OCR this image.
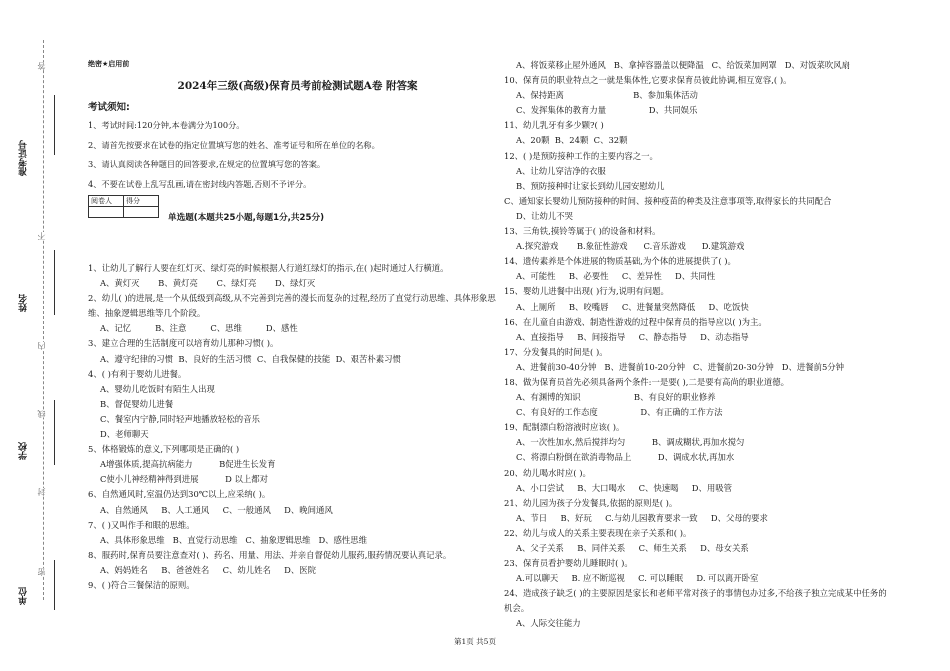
准考证号
姓名
学校
单位
答
不
内
线
封
密
绝密★启用前
2024年三级(高级)保育员考前检测试题A卷 附答案
考试须知:
1、考试时间:120分钟,本卷满分为100分。
2、请首先按要求在试卷的指定位置填写您的姓名、准考证号和所在单位的名称。
3、请认真阅读各种题目的回答要求,在规定的位置填写您的答案。
4、不要在试卷上乱写乱画,请在密封线内答题,否则不予评分。
阅卷人	得分

单选题(本题共25小题,每题1分,共25分)
1、让幼儿了解行人要在红灯灭、绿灯亮的时候根据人行道红绿灯的指示,在( )起时通过人行横道。
A、黄灯灭       B、黄灯亮       C、绿灯亮       D、绿灯灭
2、幼儿( )的进展,是一个从低级到高级,从不完善到完善的漫长而复杂的过程,经历了直觉行动思维、具体形象思维、抽象逻辑思维等几个阶段。
A、记忆         B、注意         C、思维         D、感性
3、建立合理的生活制度可以培育幼儿那种习惯( )。
A、遵守纪律的习惯  B、良好的生活习惯  C、自我保健的技能  D、艰苦朴素习惯
4、( )有利于婴幼儿进餐。
A、婴幼儿吃饭时有陌生人出现
B、督促婴幼儿进餐
C、餐室内宁静,同时轻声地播放轻松的音乐
D、老师聊天
5、体格锻炼的意义,下列哪项是正确的( )
A增强体质,提高抗病能力          B促进生长发育
C使小儿神经精神得到进展          D 以上都对
6、自然通风时,室温仍达到30℃以上,应采纳( )。
A、自然通风     B、人工通风     C、一般通风     D、晚间通风
7、( )又叫作手和眼的思维。
A、具体形象思维   B、直觉行动思维   C、抽象逻辑思维   D、感性思维
8、服药时,保育员要注意查对( )、药名、用量、用法、并亲自督促幼儿服药,服药情况要认真记录。
A、妈妈姓名     B、爸爸姓名     C、幼儿姓名     D、医院
9、( )符合三餐保洁的原则。
A、将饭菜移止屋外通风   B、拿掉容器盖以便降温   C、给饭菜加网罩   D、对饭菜吹风扇
10、保育员的职业特点之一就是集体性,它要求保育员彼此协调,相互宽容,( )。
A、保持距离                          B、参加集体活动
C、发挥集体的教育力量                D、共同娱乐
11、幼儿乳牙有多少颗?( )
A、20颗  B、24颗  C、32颗
12、( )是预防接种工作的主要内容之一。
A、让幼儿穿洁净的衣服
B、预防接种时让家长到幼儿园安慰幼儿
C、通知家长婴幼儿预防接种的时间、接种疫苗的种类及注意事项等,取得家长的共同配合
D、让幼儿不哭
13、三角铁,摸铃等属于( )的设备和材料。
A.探究游戏       B.象征性游戏      C.音乐游戏      D.建筑游戏
14、遗传素养是个体进展的物质基础,为个体的进展提供了( )。
A、可能性     B、必要性     C、差异性     D、共同性
15、婴幼儿进餐中出现( )行为,说明有问题。
A、上厕所     B、咬嘴唇     C、进餐量突然降低     D、吃饭快
16、在儿童自由游戏、制造性游戏的过程中保育员的指导应以( )为主。
A、直接指导     B、间接指导     C、静态指导     D、动态指导
17、分发餐具的时间是( )。
A、进餐前30-40分钟   B、进餐前10-20分钟   C、进餐前20-30分钟   D、进餐前5分钟
18、做为保育员首先必须具备两个条件:一是要( ),二是要有高尚的职业道德。
A、有渊博的知识                    B、有良好的职业修养
C、有良好的工作态度                D、有正确的工作方法
19、配制漂白粉溶液时应该( )。
A、一次性加水,然后搅拌均匀          B、调成糊状,再加水搅匀
C、将漂白粉倒在欲消毒物品上          D、调成水状,再加水
20、幼儿喝水时应( )。
A、小口尝试     B、大口喝水     C、快速喝     D、用吸管
21、幼儿园为孩子分发餐具,依据的原则是( )。
A、节日     B、好玩     C.与幼儿园教育要求一致     D、父母的要求
22、幼儿与成人的关系主要表现在亲子关系和( )。
A、父子关系     B、同伴关系     C、师生关系     D、母女关系
23、保育员看护婴幼儿睡眠时( )。
A.可以聊天     B. 应不断巡视     C. 可以睡眠     D. 可以离开卧室
24、造成孩子缺乏( )的主要原因是家长和老师平常对孩子的事情包办过多,不给孩子独立完成某中任务的机会。
A、人际交往能力
第1页 共5页
